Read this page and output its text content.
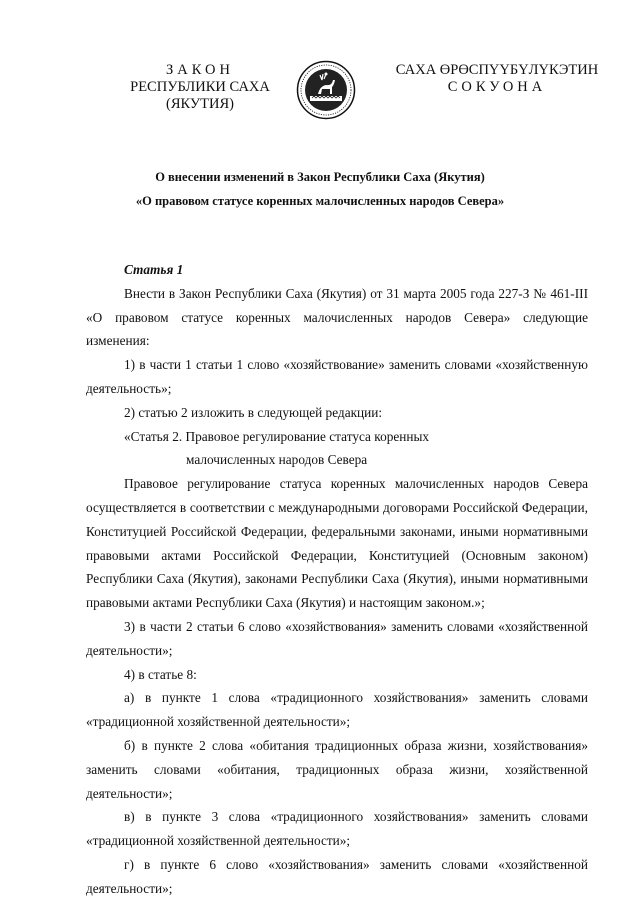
ЗАКОН
РЕСПУБЛИКИ САХА (ЯКУТИЯ)
САХА ӨРӨСПҮҮБҮЛҮКЭТИН
СОКУОНА
О внесении изменений в Закон Республики Саха (Якутия)
«О правовом статусе коренных малочисленных народов Севера»

Статья 1

Внести в Закон Республики Саха (Якутия) от 31 марта 2005 года 227-З № 461-III «О правовом статусе коренных малочисленных народов Севера» следующие изменения:

1) в части 1 статьи 1 слово «хозяйствование» заменить словами «хозяйственную деятельность»;

2) статью 2 изложить в следующей редакции:

«Статья 2. Правовое регулирование статуса коренных

малочисленных народов Севера

Правовое регулирование статуса коренных малочисленных народов Севера осуществляется в соответствии с международными договорами Российской Федерации, Конституцией Российской Федерации, федеральными законами, иными нормативными правовыми актами Российской Федерации, Конституцией (Основным законом) Республики Саха (Якутия), законами Республики Саха (Якутия), иными нормативными правовыми актами Республики Саха (Якутия) и настоящим законом.»;

3) в части 2 статьи 6 слово «хозяйствования» заменить словами «хозяйственной деятельности»;

4) в статье 8:

а) в пункте 1 слова «традиционного хозяйствования» заменить словами «традиционной хозяйственной деятельности»;

б) в пункте 2 слова «обитания традиционных образа жизни, хозяйствования» заменить словами «обитания, традиционных образа жизни, хозяйственной деятельности»;

в) в пункте 3 слова «традиционного хозяйствования» заменить словами «традиционной хозяйственной деятельности»;

г) в пункте 6 слово «хозяйствования» заменить словами «хозяйственной деятельности»;
